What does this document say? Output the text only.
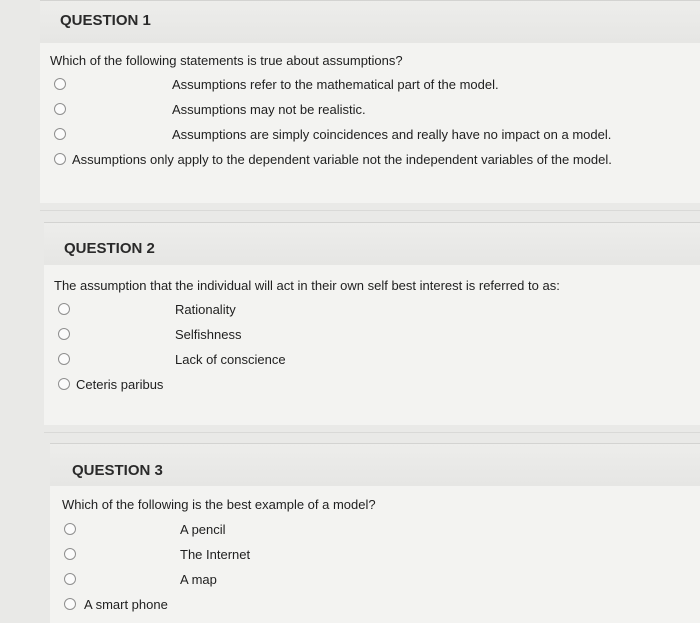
QUESTION 1
Which of the following statements is true about assumptions?
Assumptions refer to the mathematical part of the model.
Assumptions may not be realistic.
Assumptions are simply coincidences and really have no impact on a model.
Assumptions only apply to the dependent variable not the independent variables of the model.
QUESTION 2
The assumption that the individual will act in their own self best interest is referred to as:
Rationality
Selfishness
Lack of conscience
Ceteris paribus
QUESTION 3
Which of the following is the best example of a model?
A pencil
The Internet
A map
A smart phone
